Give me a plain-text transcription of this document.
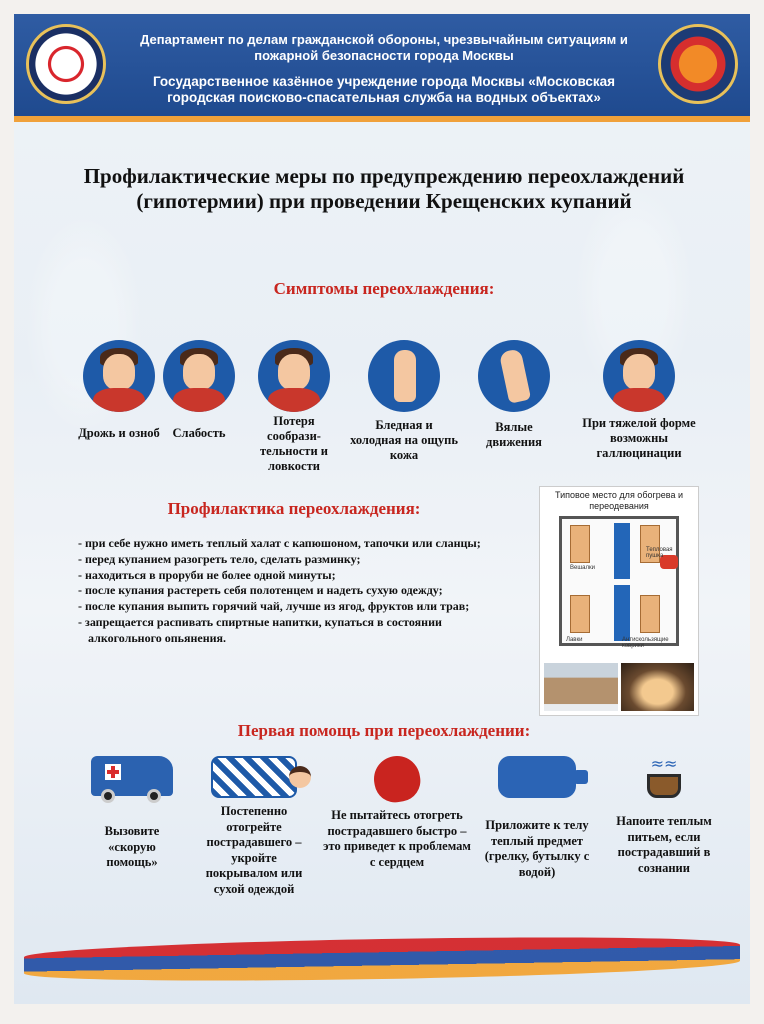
Департамент по делам гражданской обороны, чрезвычайным ситуациям и пожарной безопасности города Москвы
Государственное казённое учреждение города Москвы «Московская городская поисково-спасательная служба на водных объектах»
Профилактические меры по предупреждению переохлаждений (гипотермии) при проведении Крещенских купаний
Симптомы переохлаждения:
Дрожь и озноб	Слабость
Потеря сообрази-тельности и ловкости
Бледная и холодная на ощупь кожа
Вялые движения
При тяжелой форме возможны галлюцинации
Профилактика переохлаждения:
- при себе нужно иметь теплый халат с капюшоном, тапочки или сланцы;
- перед купанием разогреть тело, сделать разминку;
- находиться в проруби не более одной минуты;
- после купания растереть себя полотенцем и надеть сухую одежду;
- после купания выпить горячий чай, лучше из ягод, фруктов или трав;
- запрещается распивать спиртные напитки, купаться в состоянии алкогольного опьянения.
Типовое место для обогрева и переодевания
Вешалки
Тепловая пушка
Лавки	Антискользящие коврики
Первая помощь при переохлаждении:
Вызовите «скорую помощь»
Постепенно отогрейте пострадавшего – укройте покрывалом или сухой одеждой
Не пытайтесь отогреть пострадавшего быстро – это приведет к проблемам с сердцем
Приложите к телу теплый предмет (грелку, бутылку с водой)
≈≈
Напоите теплым питьем, если пострадавший в сознании
